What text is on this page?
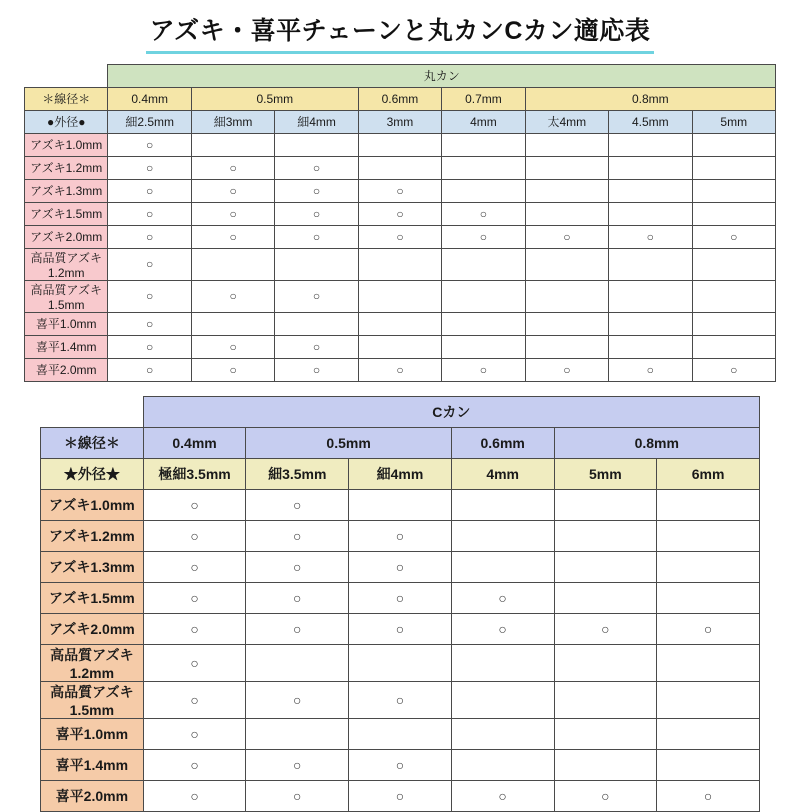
アズキ・喜平チェーンと丸カンCカン適応表
	丸カン							
＊線径＊	0.4mm	0.5mm		0.6mm	0.7mm	0.8mm		
●外径●	細2.5mm	細3mm	細4mm	3mm	4mm	太4mm	4.5mm	5mm
アズキ1.0mm	○							
アズキ1.2mm	○	○	○					
アズキ1.3mm	○	○	○	○				
アズキ1.5mm	○	○	○	○	○			
アズキ2.0mm	○	○	○	○	○	○	○	○
高品質アズキ1.2mm	○							
高品質アズキ1.5mm	○	○	○					
喜平1.0mm	○							
喜平1.4mm	○	○	○					
喜平2.0mm	○	○	○	○	○	○	○	○
	Cカン					
＊線径＊	0.4mm	0.5mm		0.6mm	0.8mm	
★外径★	極細3.5mm	細3.5mm	細4mm	4mm	5mm	6mm
アズキ1.0mm	○	○				
アズキ1.2mm	○	○	○			
アズキ1.3mm	○	○	○			
アズキ1.5mm	○	○	○	○		
アズキ2.0mm	○	○	○	○	○	○
高品質アズキ1.2mm	○					
高品質アズキ1.5mm	○	○	○			
喜平1.0mm	○					
喜平1.4mm	○	○	○			
喜平2.0mm	○	○	○	○	○	○
